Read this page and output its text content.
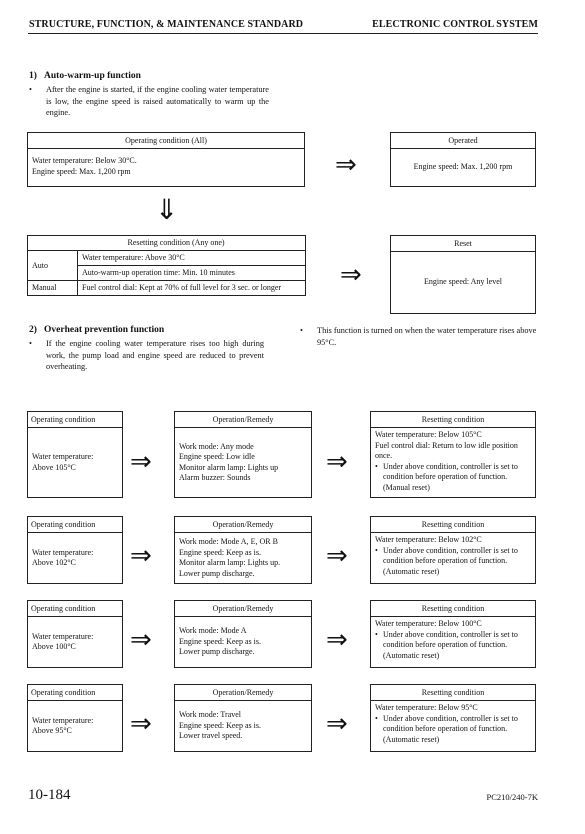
STRUCTURE, FUNCTION, & MAINTENANCE STANDARD	ELECTRONIC CONTROL SYSTEM
1)   Auto-warm-up function
•	After the engine is started, if the engine cooling water temperature is low, the engine speed is raised automatically to warm up the engine.
Operating condition (All)
Water temperature: Below 30°C.
Engine speed: Max. 1,200 rpm	⇒
Operated
Engine speed: Max. 1,200 rpm
⇓
	Resetting condition (Any one)
Auto	Water temperature: Above 30°C
	Auto-warm-up operation time: Min. 10 minutes
Manual	Fuel control dial: Kept at 70% of full level for 3 sec. or longer ⇒
Reset
Engine speed: Any level
2)   Overheat prevention function
•	If the engine cooling water temperature rises too high during work, the pump load and engine speed are reduced to prevent overheating.
•	This function is turned on when the water temperature rises above 95°C.
Operating condition
Water temperature:
Above 105°C	⇒
Operation/Remedy
Work mode: Any mode
Engine speed: Low idle
Monitor alarm lamp: Lights up
Alarm buzzer: Sounds
⇒
Resetting condition
Water temperature: Below 105°C
Fuel control dial: Return to low idle position once.
• Under above condition, controller is set to condition before operation of function.
(Manual reset)
Operating condition
Water temperature:
Above 102°C	⇒
Operation/Remedy
Work mode: Mode A, E, OR B
Engine speed: Keep as is.
Monitor alarm lamp: Lights up.
Lower pump discharge.
⇒
Resetting condition
Water temperature: Below 102°C
• Under above condition, controller is set to condition before operation of function.
(Automatic reset)
Operating condition
Water temperature:
Above 100°C	⇒
Operation/Remedy
Work mode: Mode A
Engine speed: Keep as is.
Lower pump discharge.	⇒
Resetting condition
Water temperature: Below 100°C
• Under above condition, controller is set to condition before operation of function.
(Automatic reset)
Operating condition
Water temperature:
Above 95°C	⇒
Operation/Remedy
Work mode: Travel
Engine speed: Keep as is.
Lower travel speed.	⇒
Resetting condition
Water temperature: Below 95°C
• Under above condition, controller is set to condition before operation of function.
(Automatic reset)
10-184	PC210/240-7K
